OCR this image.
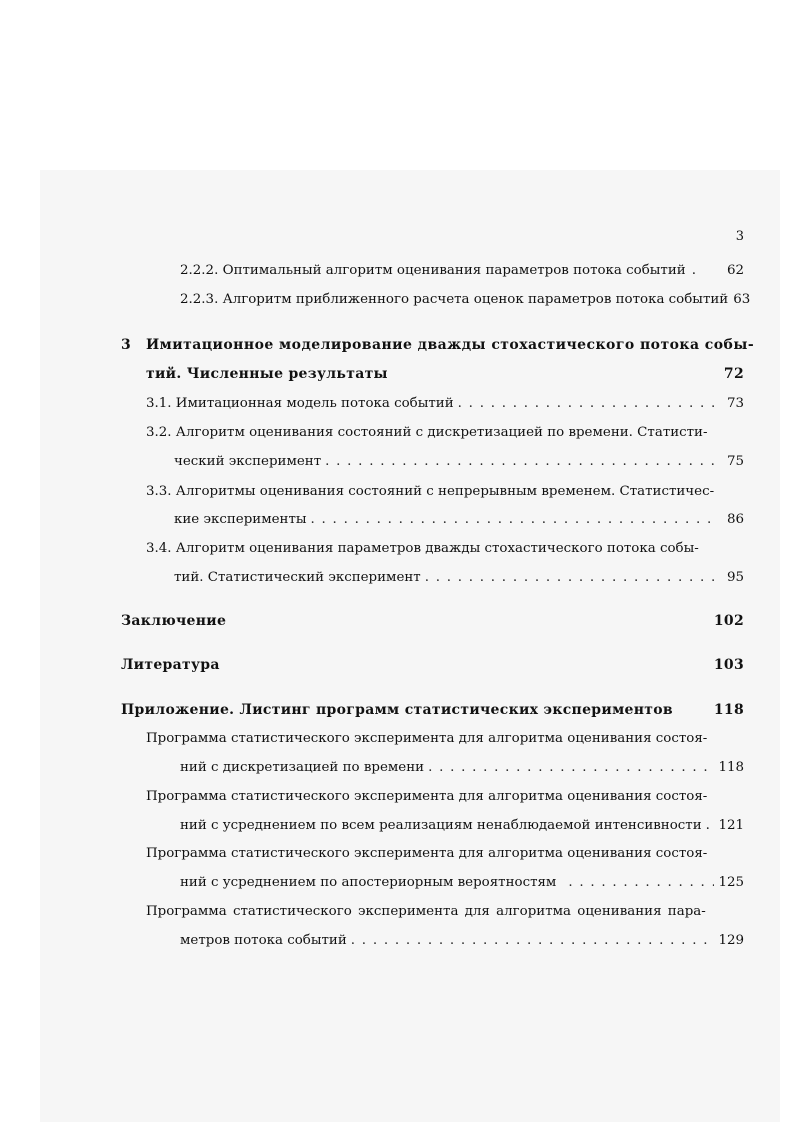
3
2.2.2. Оптимальный алгоритм оценивания параметров потока событий .	62
2.2.3. Алгоритм приближенного расчета оценок параметров потока событий 63
3 Имитационное моделирование дважды стохастического потока собы-
тий. Численные результаты	72
3.1. Имитационная модель потока событий . . .	73
3.2. Алгоритм оценивания состояний с дискретизацией по времени. Статисти-
ческий эксперимент . . .	75
3.3. Алгоритмы оценивания состояний с непрерывным временем. Статистичес-
кие эксперименты . . .	86
3.4. Алгоритм оценивания параметров дважды стохастического потока собы-
тий. Статистический эксперимент . . .	95
Заключение	102
Литература	103
Приложение. Листинг программ статистических экспериментов	118
Программа статистического эксперимента для алгоритма оценивания состоя-
ний с дискретизацией по времени . . .	118
Программа статистического эксперимента для алгоритма оценивания состоя-
ний с усреднением по всем реализациям ненаблюдаемой интенсивности . 121
Программа статистического эксперимента для алгоритма оценивания состоя-
ний с усреднением по апостериорным вероятностям . . .	125
Программа статистического эксперимента для алгоритма оценивания пара-
метров потока событий . . .	129
